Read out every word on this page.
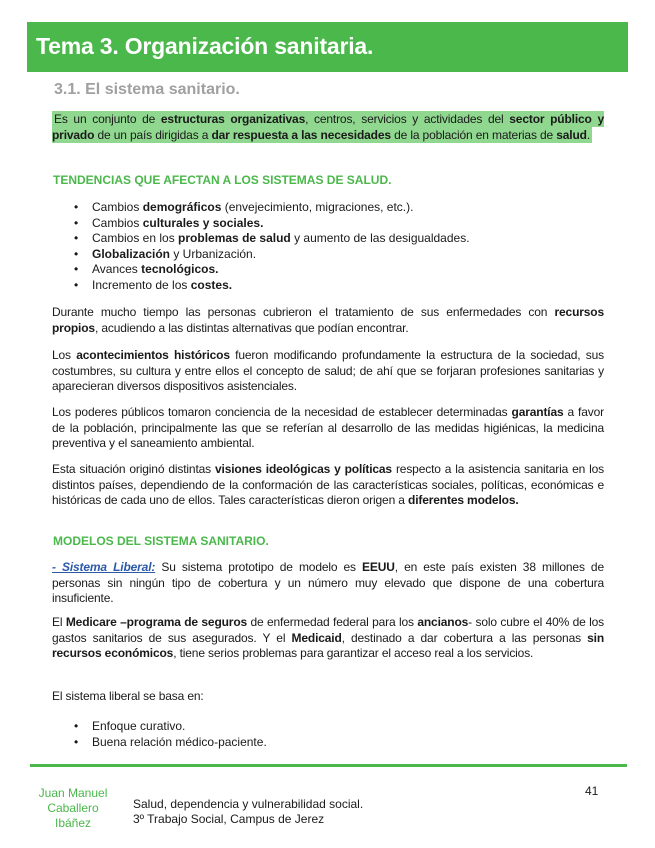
Tema 3. Organización sanitaria.
3.1. El sistema sanitario.

Es un conjunto de estructuras organizativas, centros, servicios y actividades del sector público y privado de un país dirigidas a dar respuesta a las necesidades de la población en materias de salud.

TENDENCIAS QUE AFECTAN A LOS SISTEMAS DE SALUD.
• Cambios demográficos (envejecimiento, migraciones, etc.).
• Cambios culturales y sociales.
• Cambios en los problemas de salud y aumento de las desigualdades.
• Globalización y Urbanización.
• Avances tecnológicos.
• Incremento de los costes.

Durante mucho tiempo las personas cubrieron el tratamiento de sus enfermedades con recursos propios, acudiendo a las distintas alternativas que podían encontrar.

Los acontecimientos históricos fueron modificando profundamente la estructura de la sociedad, sus costumbres, su cultura y entre ellos el concepto de salud; de ahí que se forjaran profesiones sanitarias y aparecieran diversos dispositivos asistenciales.

Los poderes públicos tomaron conciencia de la necesidad de establecer determinadas garantías a favor de la población, principalmente las que se referían al desarrollo de las medidas higiénicas, la medicina preventiva y el saneamiento ambiental.

Esta situación originó distintas visiones ideológicas y políticas respecto a la asistencia sanitaria en los distintos países, dependiendo de la conformación de las características sociales, políticas, económicas e históricas de cada uno de ellos. Tales características dieron origen a diferentes modelos.

MODELOS DEL SISTEMA SANITARIO.

- Sistema Liberal: Su sistema prototipo de modelo es EEUU, en este país existen 38 millones de personas sin ningún tipo de cobertura y un número muy elevado que dispone de una cobertura insuficiente.

El Medicare –programa de seguros de enfermedad federal para los ancianos- solo cubre el 40% de los gastos sanitarios de sus asegurados. Y el Medicaid, destinado a dar cobertura a las personas sin recursos económicos, tiene serios problemas para garantizar el acceso real a los servicios.

El sistema liberal se basa en:

• Enfoque curativo.
• Buena relación médico-paciente.
Juan Manuel
Caballero
Ibáñez
Salud, dependencia y vulnerabilidad social.
3º Trabajo Social, Campus de Jerez
41
